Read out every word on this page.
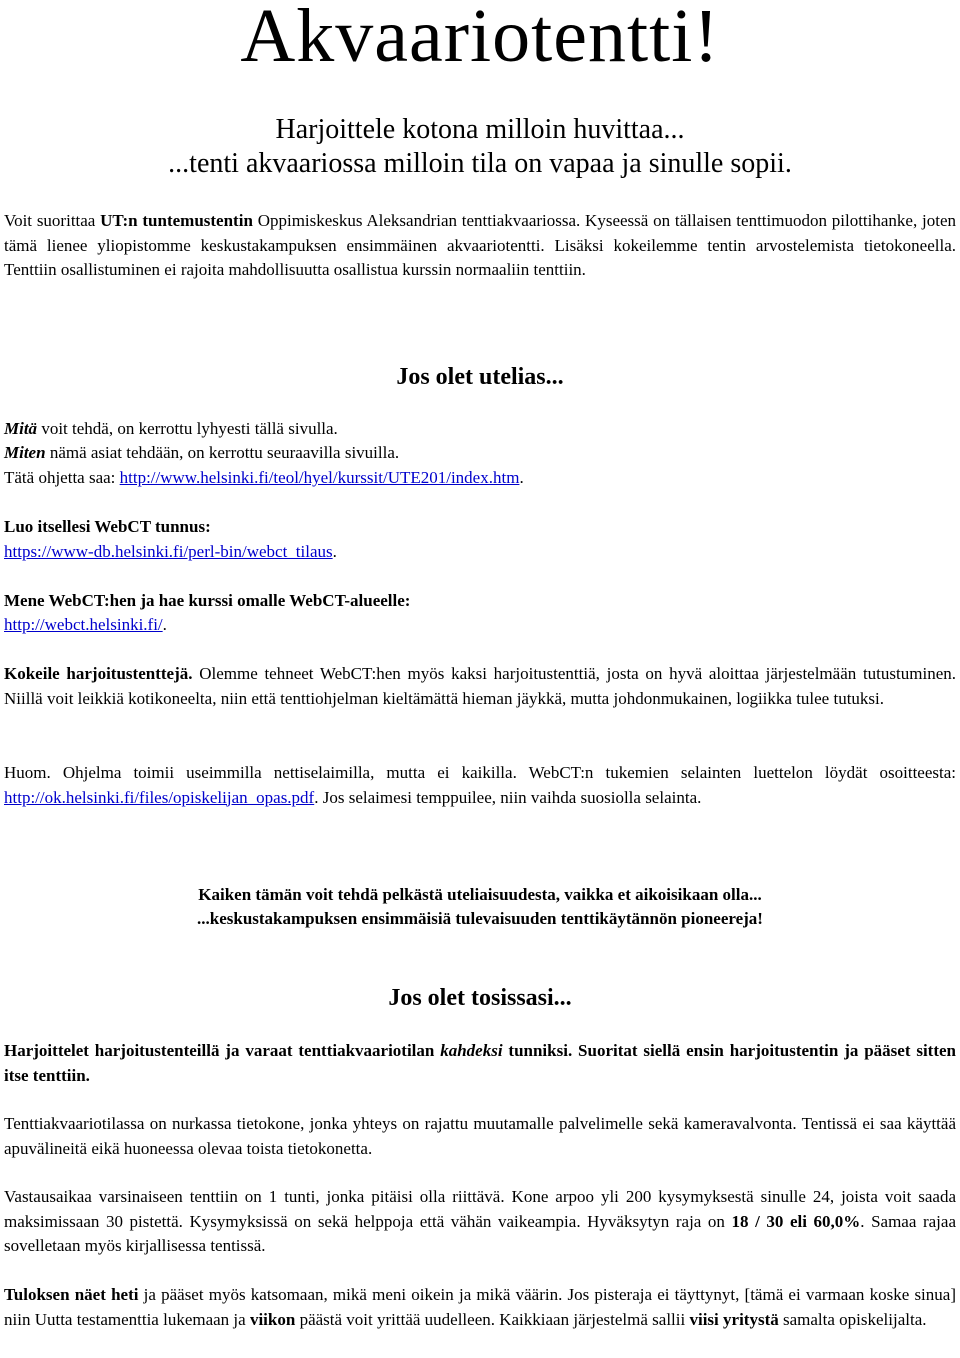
Akvaariotentti!

Harjoittele kotona milloin huvittaa...

...tenti akvaariossa milloin tila on vapaa ja sinulle sopii.

Voit suorittaa UT:n tuntemustentin Oppimiskeskus Aleksandrian tenttiakvaariossa. Kyseessä on tällaisen tenttimuodon pilottihanke, joten tämä lienee yliopistomme keskustakampuksen ensimmäinen akvaariotentti. Lisäksi kokeilemme tentin arvostelemista tietokoneella. Tenttiin osallistuminen ei rajoita mahdollisuutta osallistua kurssin normaaliin tenttiin.

Jos olet utelias...

Mitä voit tehdä, on kerrottu lyhyesti tällä sivulla.

Miten nämä asiat tehdään, on kerrottu seuraavilla sivuilla.

Tätä ohjetta saa: http://www.helsinki.fi/teol/hyel/kurssit/UTE201/index.htm.

Luo itsellesi WebCT tunnus:

https://www-db.helsinki.fi/perl-bin/webct_tilaus.

Mene WebCT:hen ja hae kurssi omalle WebCT-alueelle:

http://webct.helsinki.fi/.

Kokeile harjoitustenttejä. Olemme tehneet WebCT:hen myös kaksi harjoitustenttiä, josta on hyvä aloittaa järjestelmään tutustuminen. Niillä voit leikkiä kotikoneelta, niin että tenttiohjelman kieltämättä hieman jäykkä, mutta johdonmukainen, logiikka tulee tutuksi.

Huom. Ohjelma toimii useimmilla nettiselaimilla, mutta ei kaikilla. WebCT:n tukemien selainten luettelon löydät osoitteesta: http://ok.helsinki.fi/files/opiskelijan_opas.pdf. Jos selaimesi temppuilee, niin vaihda suosiolla selainta.

Kaiken tämän voit tehdä pelkästä uteliaisuudesta, vaikka et aikoisikaan olla...

...keskustakampuksen ensimmäisiä tulevaisuuden tenttikäytännön pioneereja!

Jos olet tosissasi...

Harjoittelet harjoitustenteillä ja varaat tenttiakvaariotilan kahdeksi tunniksi. Suoritat siellä ensin harjoitustentin ja pääset sitten itse tenttiin.

Tenttiakvaariotilassa on nurkassa tietokone, jonka yhteys on rajattu muutamalle palvelimelle sekä kameravalvonta. Tentissä ei saa käyttää apuvälineitä eikä huoneessa olevaa toista tietokonetta.

Vastausaikaa varsinaiseen tenttiin on 1 tunti, jonka pitäisi olla riittävä. Kone arpoo yli 200 kysymyksestä sinulle 24, joista voit saada maksimissaan 30 pistettä. Kysymyksissä on sekä helppoja että vähän vaikeampia. Hyväksytyn raja on 18 / 30 eli 60,0%. Samaa rajaa sovelletaan myös kirjallisessa tentissä.

Tuloksen näet heti ja pääset myös katsomaan, mikä meni oikein ja mikä väärin. Jos pisteraja ei täyttynyt, [tämä ei varmaan koske sinua] niin Uutta testamenttia lukemaan ja viikon päästä voit yrittää uudelleen. Kaikkiaan järjestelmä sallii viisi yritystä samalta opiskelijalta.
